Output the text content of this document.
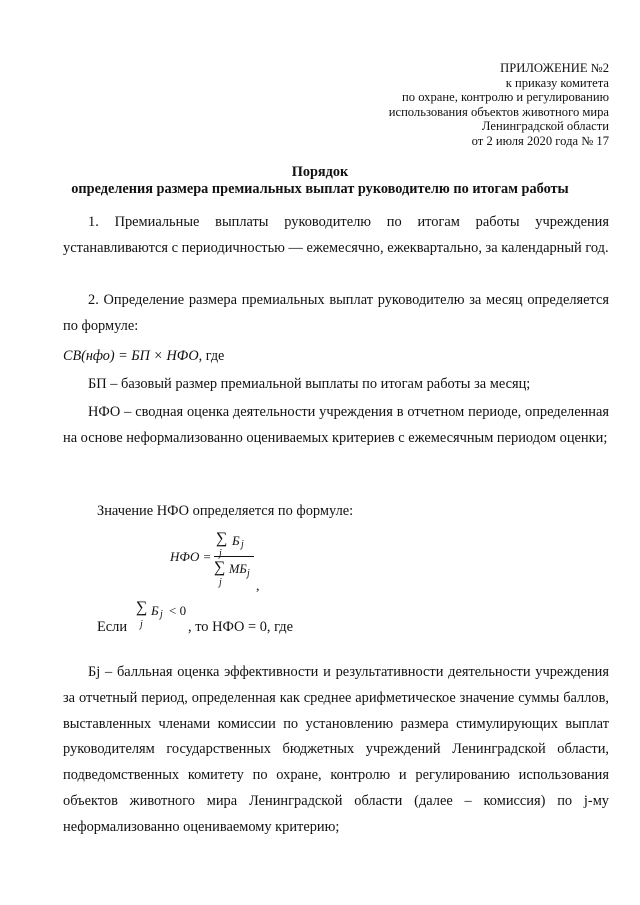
ПРИЛОЖЕНИЕ №2
к приказу комитета
по охране, контролю и регулированию
использования объектов животного мира
Ленинградской области
от 2 июля 2020 года № 17
Порядок
определения размера премиальных выплат руководителю по итогам работы
1. Премиальные выплаты руководителю по итогам работы учреждения устанавливаются с периодичностью — ежемесячно, ежеквартально, за календарный год.
2. Определение размера премиальных выплат руководителю за месяц определяется по формуле:
СВ(нфо) = БП × НФО, где
БП – базовый размер премиальной выплаты по итогам работы за месяц;
НФО – сводная оценка деятельности учреждения в отчетном периоде, определенная на основе неформализованно оцениваемых критериев с ежемесячным периодом оценки;
Значение НФО определяется по формуле:
НФО =
∑ Б j
j
∑ МБ j
j ,
Если
∑ Б j < 0
j	, то НФО = 0, где
Бj – балльная оценка эффективности и результативности деятельности учреждения за отчетный период, определенная как среднее арифметическое значение суммы баллов, выставленных членами комиссии по установлению размера стимулирующих выплат руководителям государственных бюджетных учреждений Ленинградской области, подведомственных комитету по охране, контролю и регулированию использования объектов животного мира Ленинградской области (далее – комиссия) по j-му неформализованно оцениваемому критерию;
